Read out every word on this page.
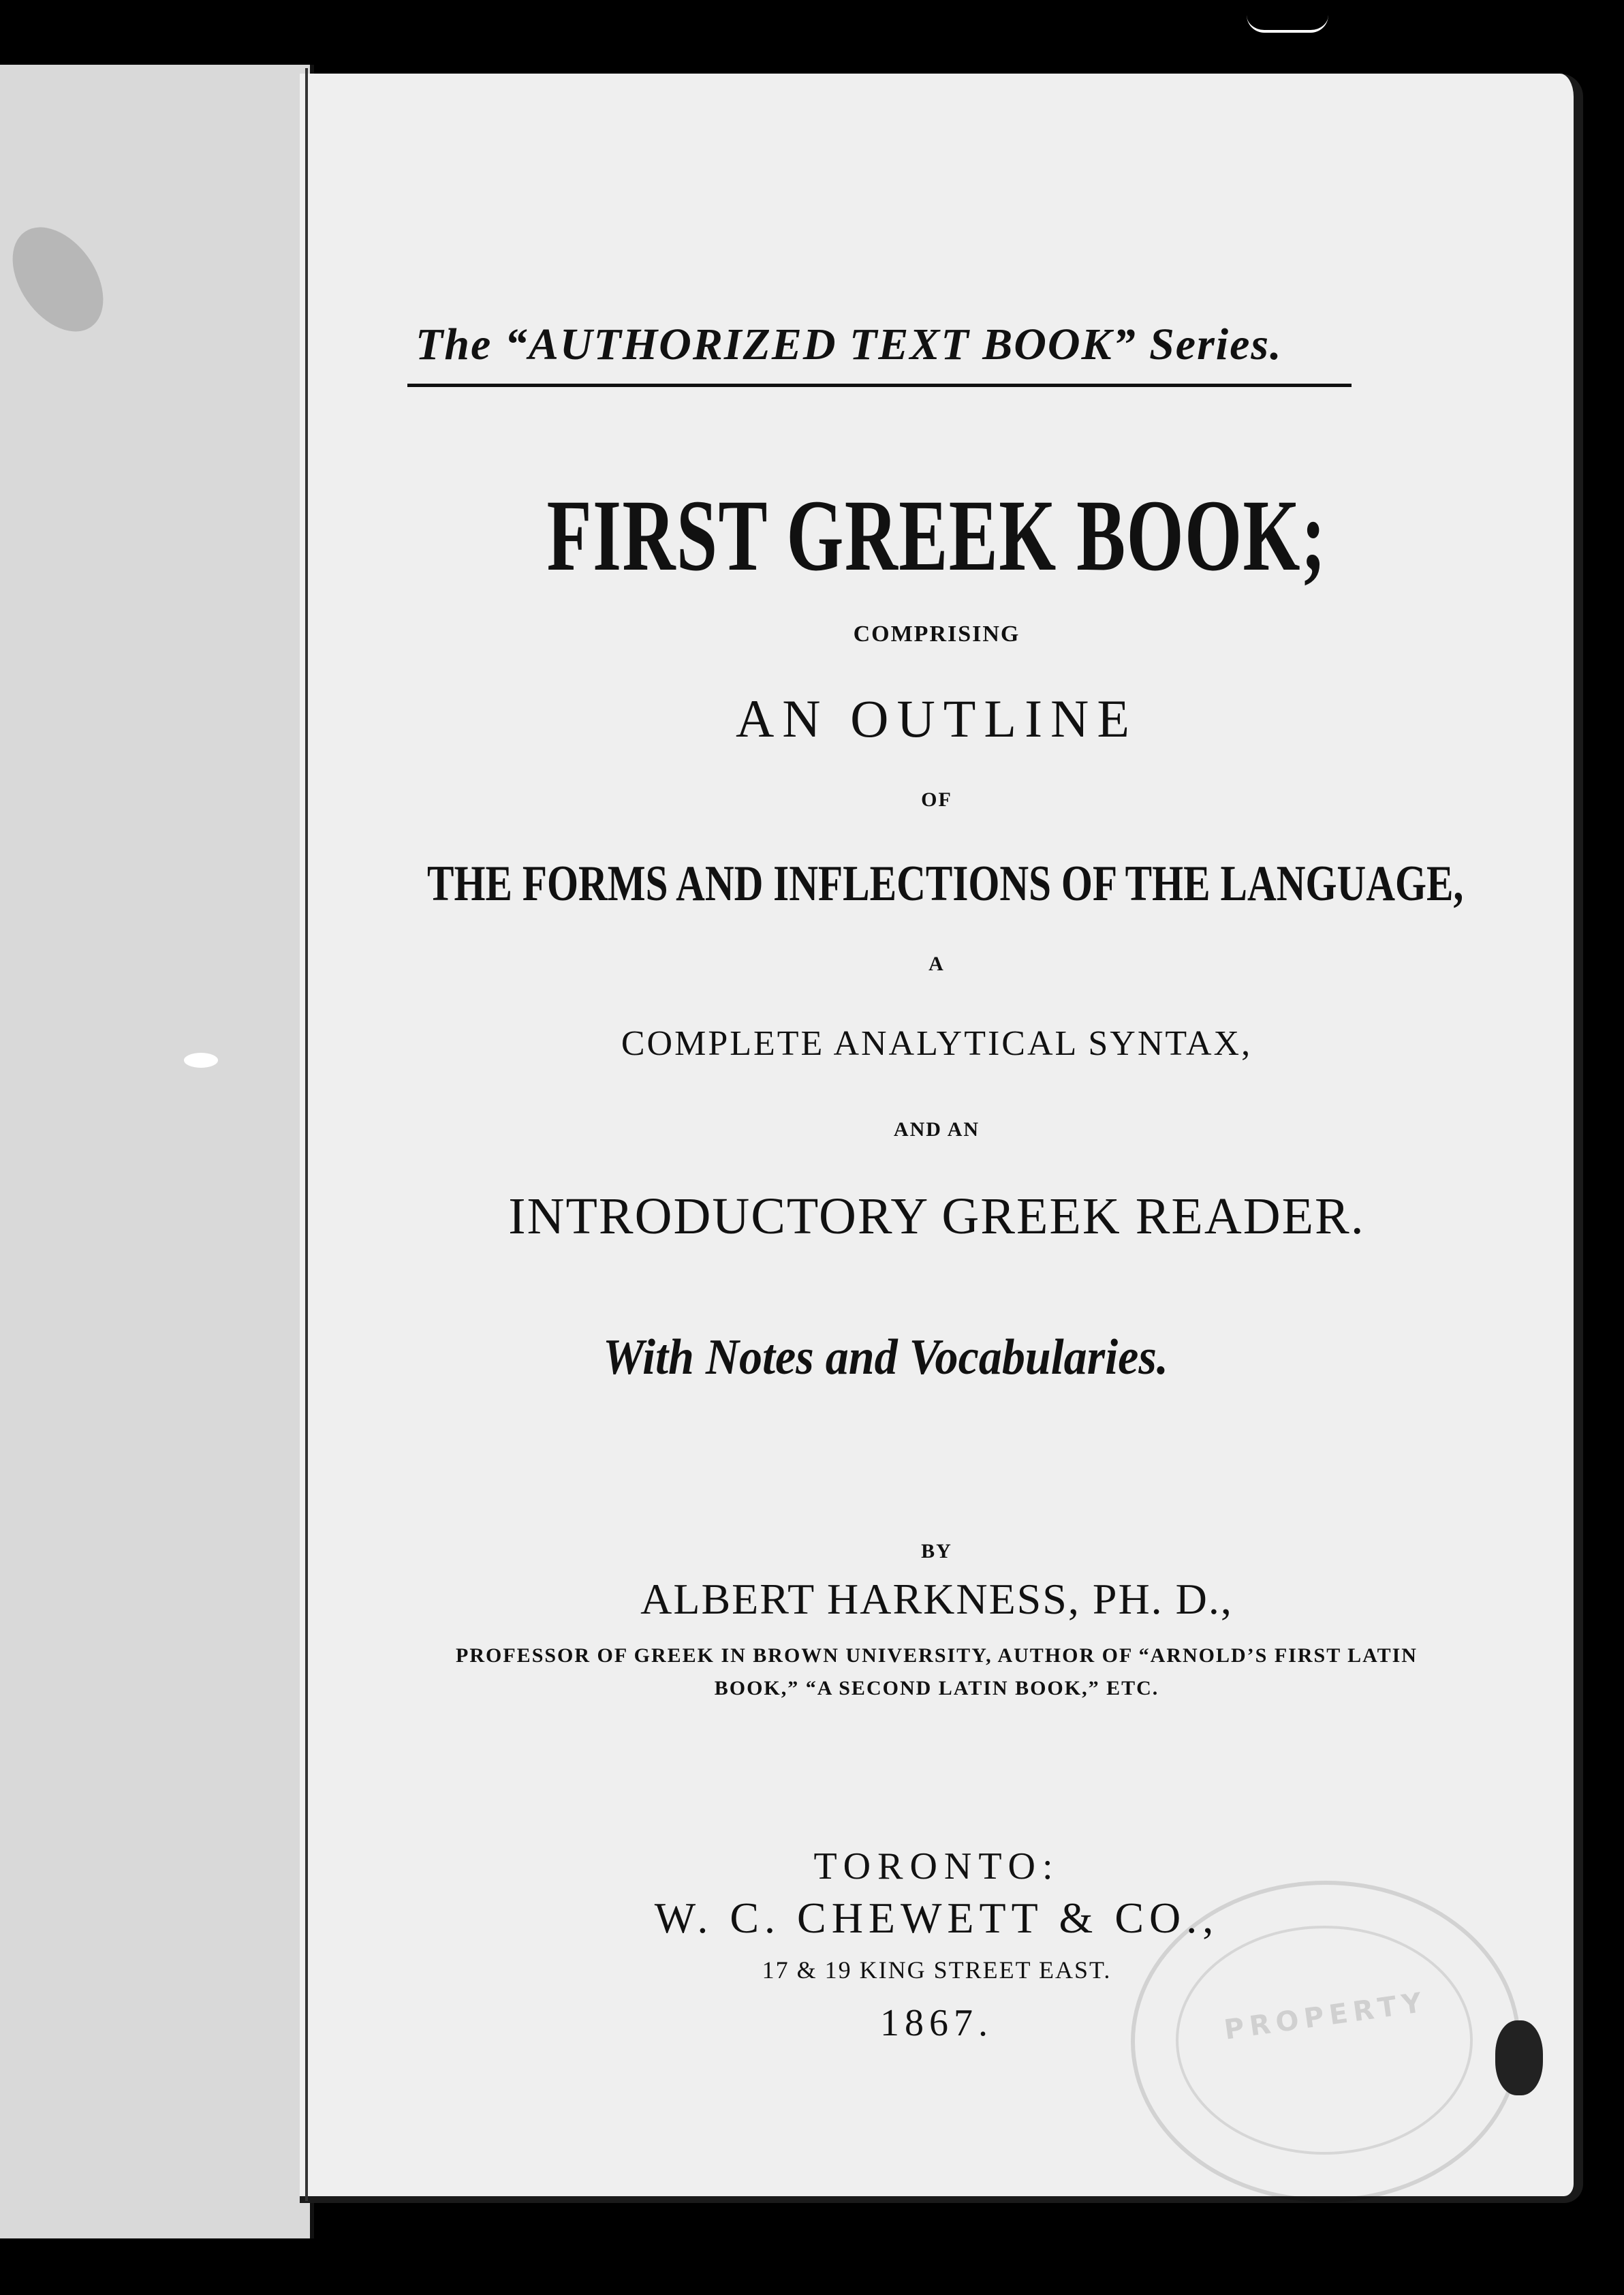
The “AUTHORIZED TEXT BOOK” Series.

FIRST GREEK BOOK;

COMPRISING

AN OUTLINE

OF

THE FORMS AND INFLECTIONS OF THE LANGUAGE,

A

COMPLETE ANALYTICAL SYNTAX,

AND AN

INTRODUCTORY GREEK READER.

With Notes and Vocabularies.

BY

ALBERT HARKNESS, PH. D.,

PROFESSOR OF GREEK IN BROWN UNIVERSITY, AUTHOR OF “ARNOLD’S FIRST LATIN
BOOK,” “A SECOND LATIN BOOK,” ETC.

TORONTO:

W. C. CHEWETT & CO.,

17 & 19 KING STREET EAST.

1867.	PROPERTY
